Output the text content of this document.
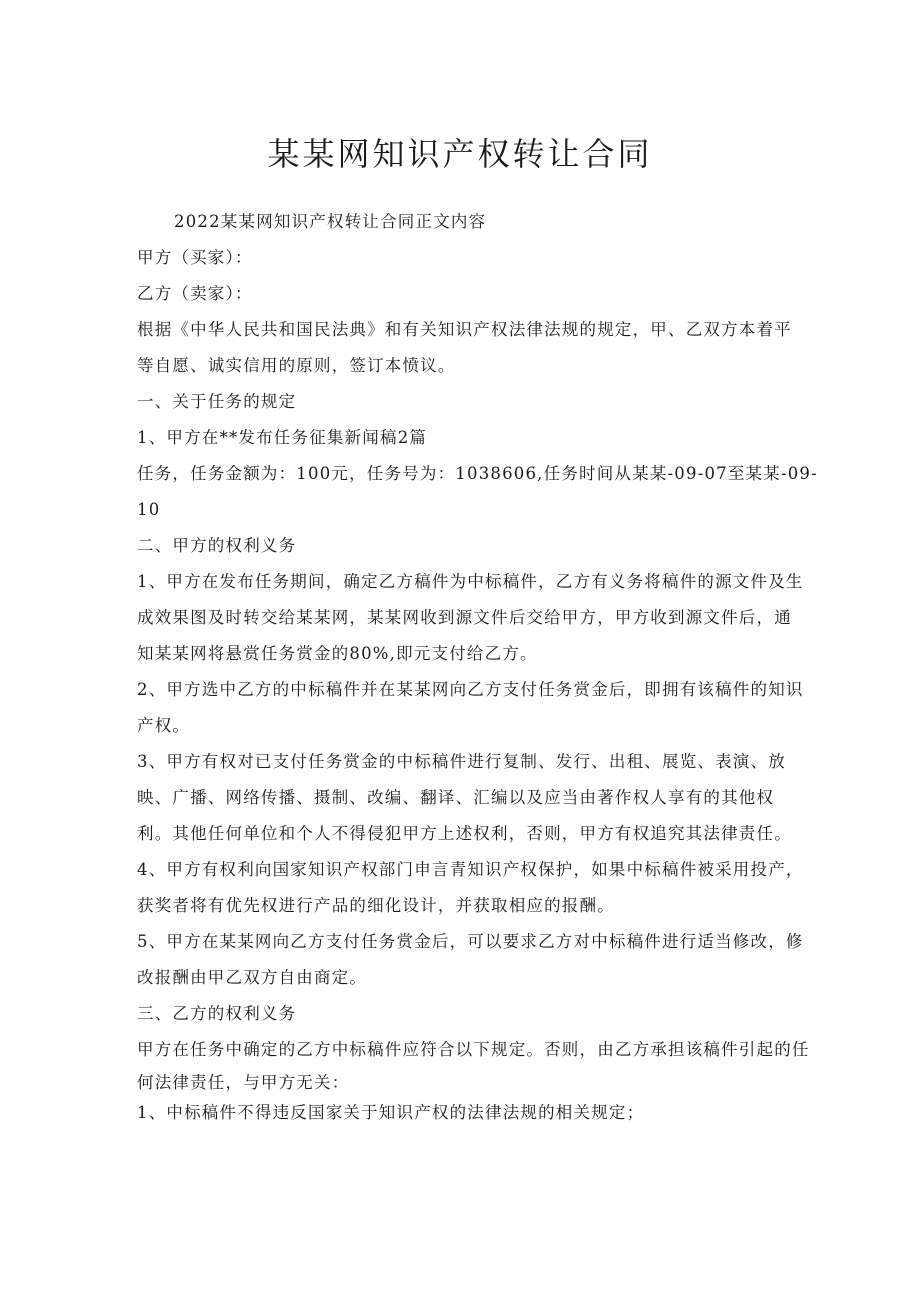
某某网知识产权转让合同

2022某某网知识产权转让合同正文内容

甲方（买家）：

乙方（卖家）：

根据《中华人民共和国民法典》和有关知识产权法律法规的规定，甲、乙双方本着平

等自愿、诚实信用的原则，签订本愤议。

一、关于任务的规定

1、甲方在**发布任务征集新闻稿2篇

任务，任务金额为：100元，任务号为：1038606,任务时间从某某-09-07至某某-09-

10

二、甲方的权利义务

1、甲方在发布任务期间，确定乙方稿件为中标稿件，乙方有义务将稿件的源文件及生

成效果图及时转交给某某网，某某网收到源文件后交给甲方，甲方收到源文件后，通

知某某网将悬赏任务赏金的80%,即元支付给乙方。

2、甲方选中乙方的中标稿件并在某某网向乙方支付任务赏金后，即拥有该稿件的知识

产权。

3、甲方有权对已支付任务赏金的中标稿件进行复制、发行、出租、展览、表演、放

映、广播、网络传播、摄制、改编、翻译、汇编以及应当由著作权人享有的其他权

利。其他任何单位和个人不得侵犯甲方上述权利，否则，甲方有权追究其法律责任。

4、甲方有权利向国家知识产权部门申言青知识产权保护，如果中标稿件被采用投产，

获奖者将有优先权进行产品的细化设计，并获取相应的报酬。

5、甲方在某某网向乙方支付任务赏金后，可以要求乙方对中标稿件进行适当修改，修

改报酬由甲乙双方自由商定。

三、乙方的权利义务

甲方在任务中确定的乙方中标稿件应符合以下规定。否则，由乙方承担该稿件引起的任

何法律责任，与甲方无关：

1、中标稿件不得违反国家关于知识产权的法律法规的相关规定；
